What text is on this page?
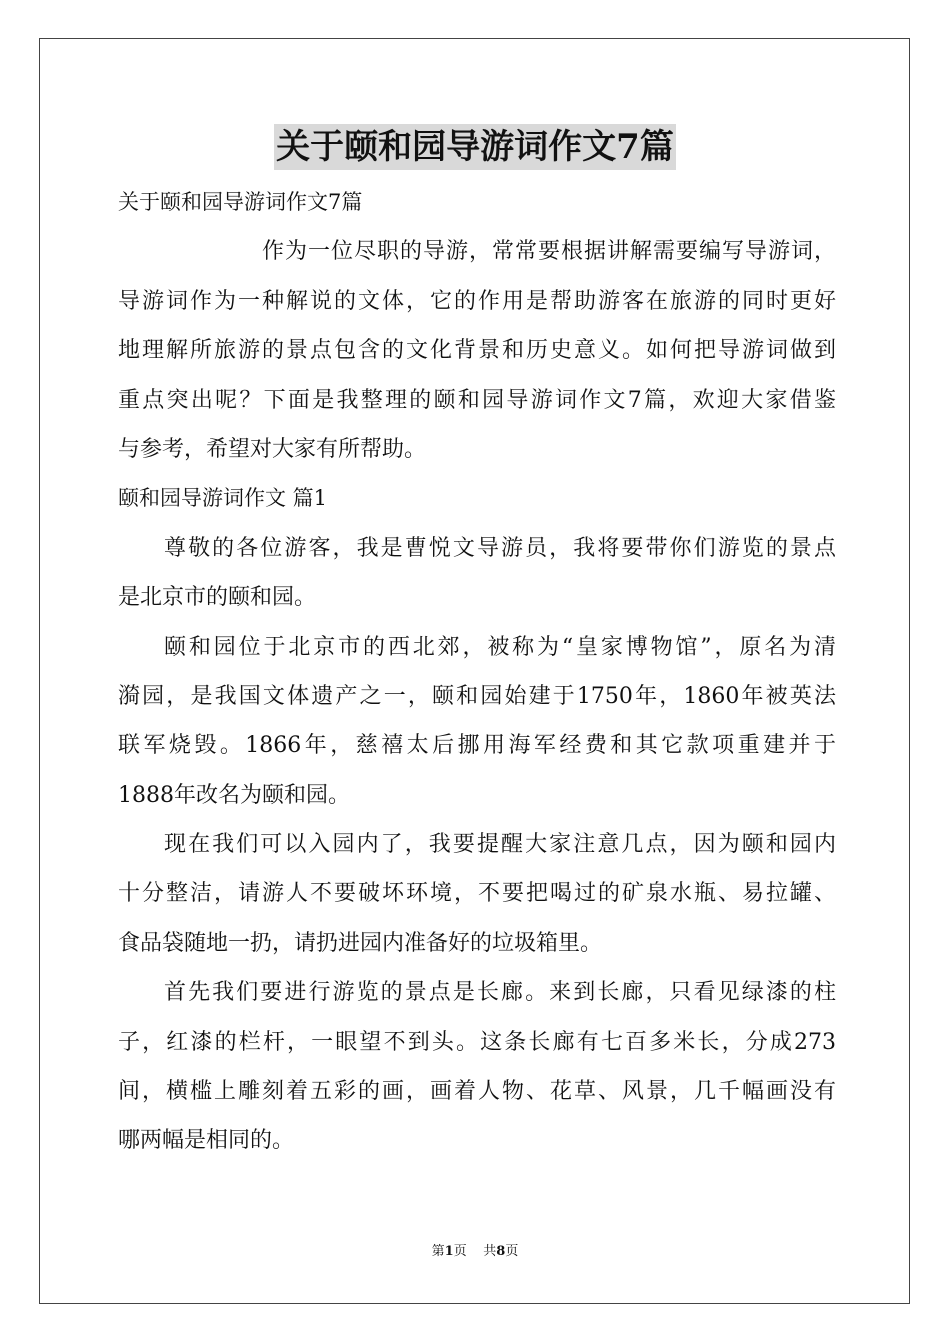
关于颐和园导游词作文7篇
关于颐和园导游词作文7篇
作为一位尽职的导游，常常要根据讲解需要编写导游词，
导游词作为一种解说的文体，它的作用是帮助游客在旅游的同时更好
地理解所旅游的景点包含的文化背景和历史意义。如何把导游词做到
重点突出呢？下面是我整理的颐和园导游词作文7篇，欢迎大家借鉴
与参考，希望对大家有所帮助。
颐和园导游词作文 篇1
尊敬的各位游客，我是曹悦文导游员，我将要带你们游览的景点
是北京市的颐和园。
颐和园位于北京市的西北郊，被称为“皇家博物馆”，原名为清
漪园，是我国文体遗产之一，颐和园始建于1750年，1860年被英法
联军烧毁。1866年，慈禧太后挪用海军经费和其它款项重建并于
1888年改名为颐和园。
现在我们可以入园内了，我要提醒大家注意几点，因为颐和园内
十分整洁，请游人不要破坏环境，不要把喝过的矿泉水瓶、易拉罐、
食品袋随地一扔，请扔进园内准备好的垃圾箱里。
首先我们要进行游览的景点是长廊。来到长廊，只看见绿漆的柱
子，红漆的栏杆，一眼望不到头。这条长廊有七百多米长，分成273
间，横槛上雕刻着五彩的画，画着人物、花草、风景，几千幅画没有
哪两幅是相同的。
第1页 共8页
